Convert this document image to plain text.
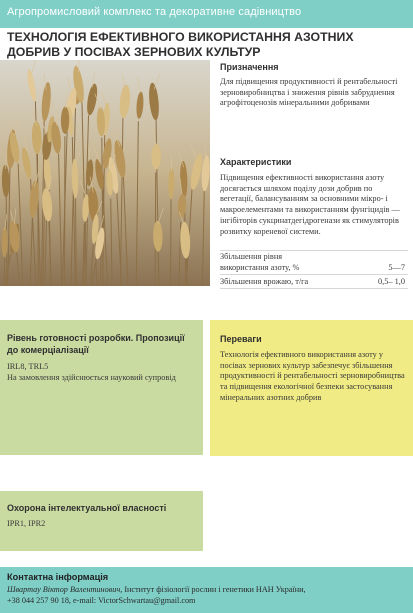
Агропромисловий комплекс та декоративне садівництво
ТЕХНОЛОГІЯ ЕФЕКТИВНОГО ВИКОРИСТАННЯ АЗОТНИХ ДОБРИВ У ПОСІВАХ ЗЕРНОВИХ КУЛЬТУР
Призначення
Для підвищення продуктивності й рентабельності зерновиробництва і зниження рівнів забруднення агрофітоценозів мінеральними добривами
Характеристики
Підвищення ефективності використання азоту досягається шляхом поділу дози добрив по вегетації, балансуванням за основними мікро- і макроелементами та використанням фунгіцидів — інгібіторів сукцинатдегідрогенази як стимуляторів розвитку кореневої системи.
Збільшення рівня використання азоту, %	5—7
Збільшення врожаю, т/га	0,5– 1,0
Рівень готовності розробки. Пропозиції до комерціалізації
IRL8, TRL5
На замовлення здійснюється науковий супровід
Переваги
Технологія ефективного використання азоту у посівах зернових культур забезпечує збільшення продуктивності й рентабельності зерновиробництва та підвищення екологічної безпеки застосування мінеральних азотних добрив
Охорона інтелектуальної власності
IPR1, IPR2
Контактна інформація
Швартау Віктор Валентинович, Інститут фізіології рослин і генетики НАН України,
+38 044 257 90 18, e-mail: VictorSchwartau@gmail.com
